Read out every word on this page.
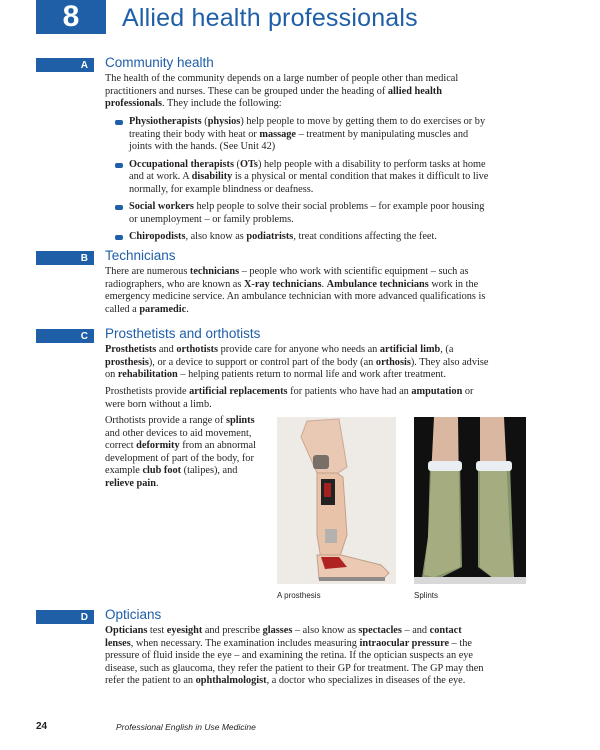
8	Allied health professionals
A	Community health
The health of the community depends on a large number of people other than medical practitioners and nurses. These can be grouped under the heading of allied health professionals. They include the following:
Physiotherapists (physios) help people to move by getting them to do exercises or by treating their body with heat or massage – treatment by manipulating muscles and joints with the hands. (See Unit 42)
Occupational therapists (OTs) help people with a disability to perform tasks at home and at work. A disability is a physical or mental condition that makes it difficult to live normally, for example blindness or deafness.
Social workers help people to solve their social problems – for example poor housing or unemployment – or family problems.
Chiropodists, also know as podiatrists, treat conditions affecting the feet.
B	Technicians
There are numerous technicians – people who work with scientific equipment – such as radiographers, who are known as X-ray technicians. Ambulance technicians work in the emergency medicine service. An ambulance technician with more advanced qualifications is called a paramedic.
C	Prosthetists and orthotists
Prosthetists and orthotists provide care for anyone who needs an artificial limb, (a prosthesis), or a device to support or control part of the body (an orthosis). They also advise on rehabilitation – helping patients return to normal life and work after treatment.
Prosthetists provide artificial replacements for patients who have had an amputation or were born without a limb.
Orthotists provide a range of splints and other devices to aid movement, correct deformity from an abnormal development of part of the body, for example club foot (talipes), and relieve pain.
A prosthesis	Splints
D	Opticians
Opticians test eyesight and prescribe glasses – also know as spectacles – and contact lenses, when necessary. The examination includes measuring intraocular pressure – the pressure of fluid inside the eye – and examining the retina. If the optician suspects an eye disease, such as glaucoma, they refer the patient to their GP for treatment. The GP may then refer the patient to an ophthalmologist, a doctor who specializes in diseases of the eye.
24	Professional English in Use Medicine
